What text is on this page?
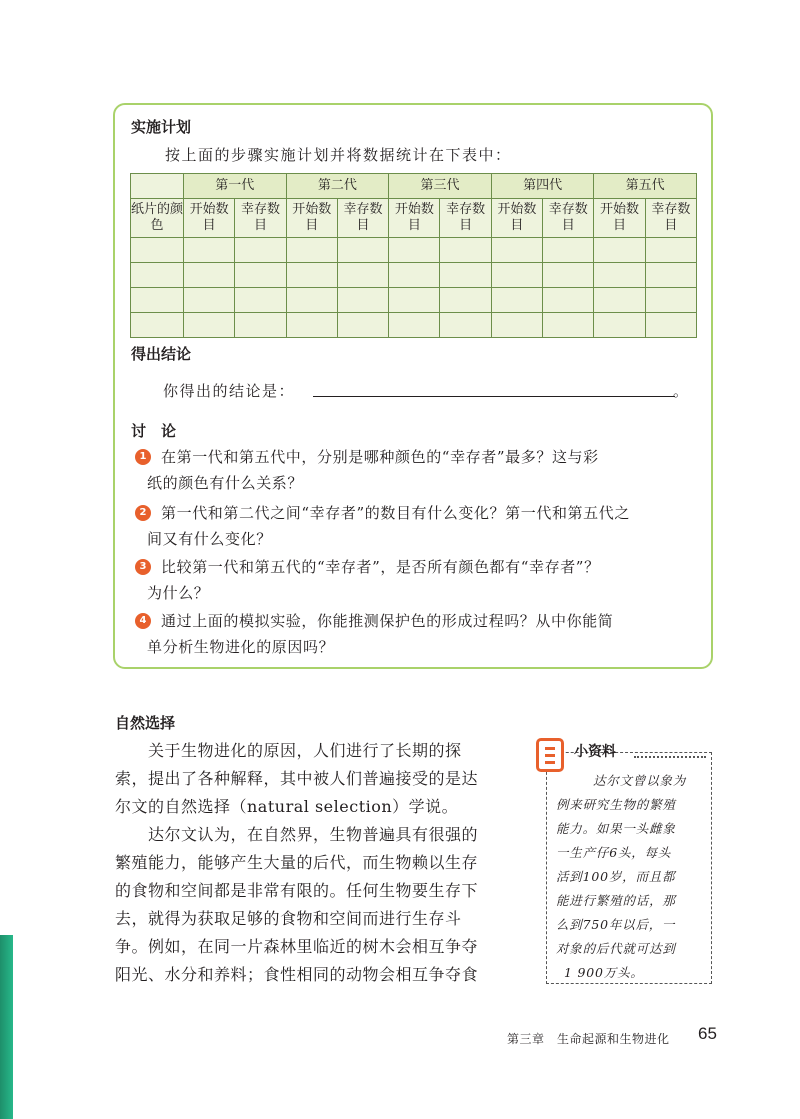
实施计划
按上面的步骤实施计划并将数据统计在下表中：
	第一代		第二代		第三代		第四代		第五代	
纸片的颜色	开始数目	幸存数目	开始数目	幸存数目	开始数目	幸存数目	开始数目	幸存数目	开始数目	幸存数目

得出结论
你得出的结论是：	。
讨　论
1 在第一代和第五代中，分别是哪种颜色的“幸存者”最多？这与彩
纸的颜色有什么关系？
2 第一代和第二代之间“幸存者”的数目有什么变化？第一代和第五代之
间又有什么变化？
3 比较第一代和第五代的“幸存者”，是否所有颜色都有“幸存者”？
为什么？
4 通过上面的模拟实验，你能推测保护色的形成过程吗？从中你能简
单分析生物进化的原因吗？
自然选择
关于生物进化的原因，人们进行了长期的探
索，提出了各种解释，其中被人们普遍接受的是达
尔文的自然选择（natural selection）学说。
达尔文认为，在自然界，生物普遍具有很强的
繁殖能力，能够产生大量的后代，而生物赖以生存
的食物和空间都是非常有限的。任何生物要生存下
去，就得为获取足够的食物和空间而进行生存斗
争。例如，在同一片森林里临近的树木会相互争夺
阳光、水分和养料；食性相同的动物会相互争夺食
小资料
达尔文曾以象为
例来研究生物的繁殖
能力。如果一头雌象
一生产仔6头，每头
活到100岁，而且都
能进行繁殖的话，那
么到750年以后，一
对象的后代就可达到
1 900万头。
第三章　生命起源和生物进化 65
